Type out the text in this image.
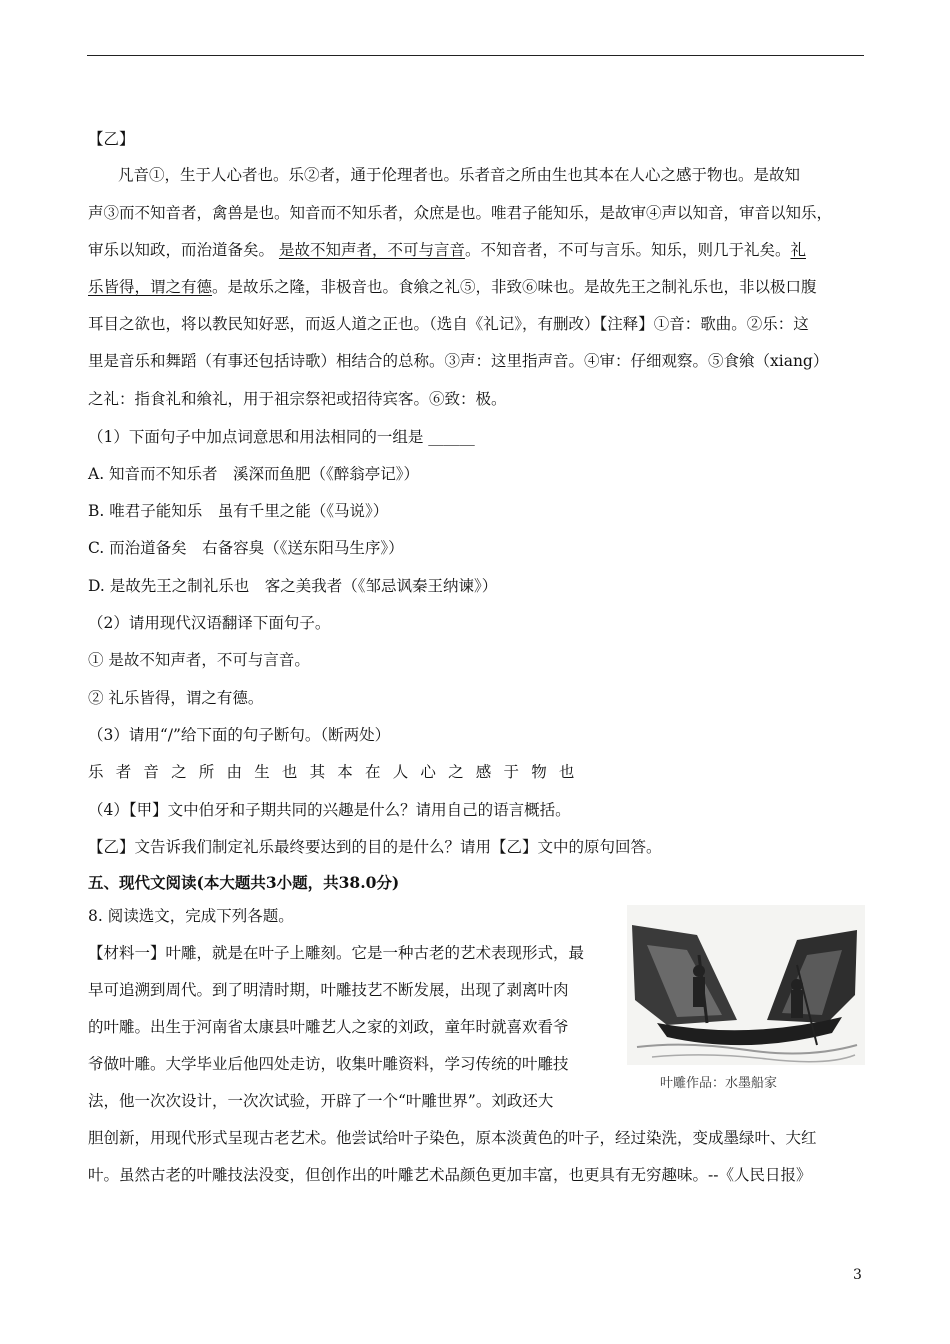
【乙】
凡音①，生于人心者也。乐②者，通于伦理者也。乐者音之所由生也其本在人心之感于物也。是故知
声③而不知音者，禽兽是也。知音而不知乐者，众庶是也。唯君子能知乐，是故审④声以知音，审音以知乐，
审乐以知政，而治道备矣。 是故不知声者，不可与言音。不知音者，不可与言乐。知乐，则几于礼矣。礼
乐皆得，谓之有德。是故乐之隆，非极音也。食飨之礼⑤，非致⑥味也。是故先王之制礼乐也，非以极口腹
耳目之欲也，将以教民知好恶，而返人道之正也。（选自《礼记》，有删改）【注释】①音：歌曲。②乐：这
里是音乐和舞蹈（有事还包括诗歌）相结合的总称。③声：这里指声音。④审：仔细观察。⑤食飨（xiang）
之礼：指食礼和飨礼，用于祖宗祭祀或招待宾客。⑥致：极。
（1）下面句子中加点词意思和用法相同的一组是 ______
A. 知音而不知乐者　溪深而鱼肥（《醉翁亭记》）
B. 唯君子能知乐　虽有千里之能（《马说》）
C. 而治道备矣　右备容臭（《送东阳马生序》）
D. 是故先王之制礼乐也　客之美我者（《邹忌讽秦王纳谏》）
（2）请用现代汉语翻译下面句子。
① 是故不知声者，不可与言音。
② 礼乐皆得，谓之有德。
（3）请用“/”给下面的句子断句。（断两处）
乐者音之所由生也其本在人心之感于物也
（4）【甲】文中伯牙和子期共同的兴趣是什么？请用自己的语言概括。
【乙】文告诉我们制定礼乐最终要达到的目的是什么？请用【乙】文中的原句回答。
五、现代文阅读(本大题共3小题，共38.0分)
8. 阅读选文，完成下列各题。
【材料一】叶雕，就是在叶子上雕刻。它是一种古老的艺术表现形式，最
早可追溯到周代。到了明清时期，叶雕技艺不断发展，出现了剥离叶肉
的叶雕。出生于河南省太康县叶雕艺人之家的刘政，童年时就喜欢看爷
爷做叶雕。大学毕业后他四处走访，收集叶雕资料，学习传统的叶雕技
法，他一次次设计，一次次试验，开辟了一个“叶雕世界”。刘政还大
胆创新，用现代形式呈现古老艺术。他尝试给叶子染色，原本淡黄色的叶子，经过染洗，变成墨绿叶、大红
叶。虽然古老的叶雕技法没变，但创作出的叶雕艺术品颜色更加丰富，也更具有无穷趣味。--《人民日报》
叶雕作品：水墨船家
3
